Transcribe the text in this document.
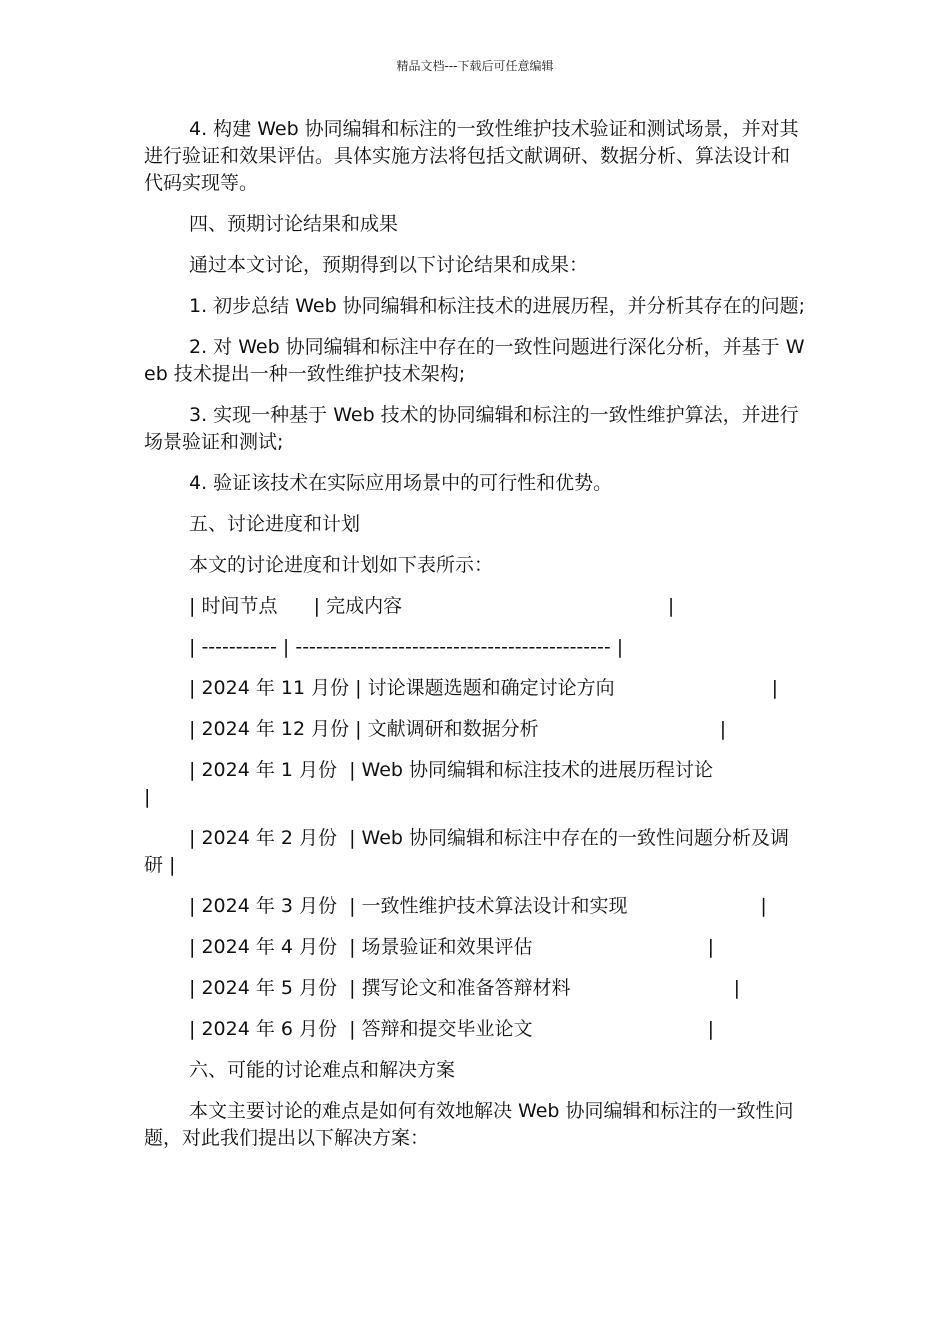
精品文档---下载后可任意编辑

4. 构建 Web 协同编辑和标注的一致性维护技术验证和测试场景，并对其进行验证和效果评估。具体实施方法将包括文献调研、数据分析、算法设计和代码实现等。

四、预期讨论结果和成果

通过本文讨论，预期得到以下讨论结果和成果：

1. 初步总结 Web 协同编辑和标注技术的进展历程，并分析其存在的问题;

2. 对 Web 协同编辑和标注中存在的一致性问题进行深化分析，并基于 Web 技术提出一种一致性维护技术架构;

3. 实现一种基于 Web 技术的协同编辑和标注的一致性维护算法，并进行场景验证和测试;

4. 验证该技术在实际应用场景中的可行性和优势。

五、讨论进度和计划

本文的讨论进度和计划如下表所示：

| 时间节点      | 完成内容                                            |

| ----------- | ---------------------------------------------- |

| 2024 年 11 月份 | 讨论课题选题和确定讨论方向                          |

| 2024 年 12 月份 | 文献调研和数据分析                              |

| 2024 年 1 月份  | Web 协同编辑和标注技术的进展历程讨论                 |

| 2024 年 2 月份  | Web 协同编辑和标注中存在的一致性问题分析及调研 |

| 2024 年 3 月份  | 一致性维护技术算法设计和实现                      |

| 2024 年 4 月份  | 场景验证和效果评估                             |

| 2024 年 5 月份  | 撰写论文和准备答辩材料                           |

| 2024 年 6 月份  | 答辩和提交毕业论文                             |

六、可能的讨论难点和解决方案

本文主要讨论的难点是如何有效地解决 Web 协同编辑和标注的一致性问题，对此我们提出以下解决方案：
